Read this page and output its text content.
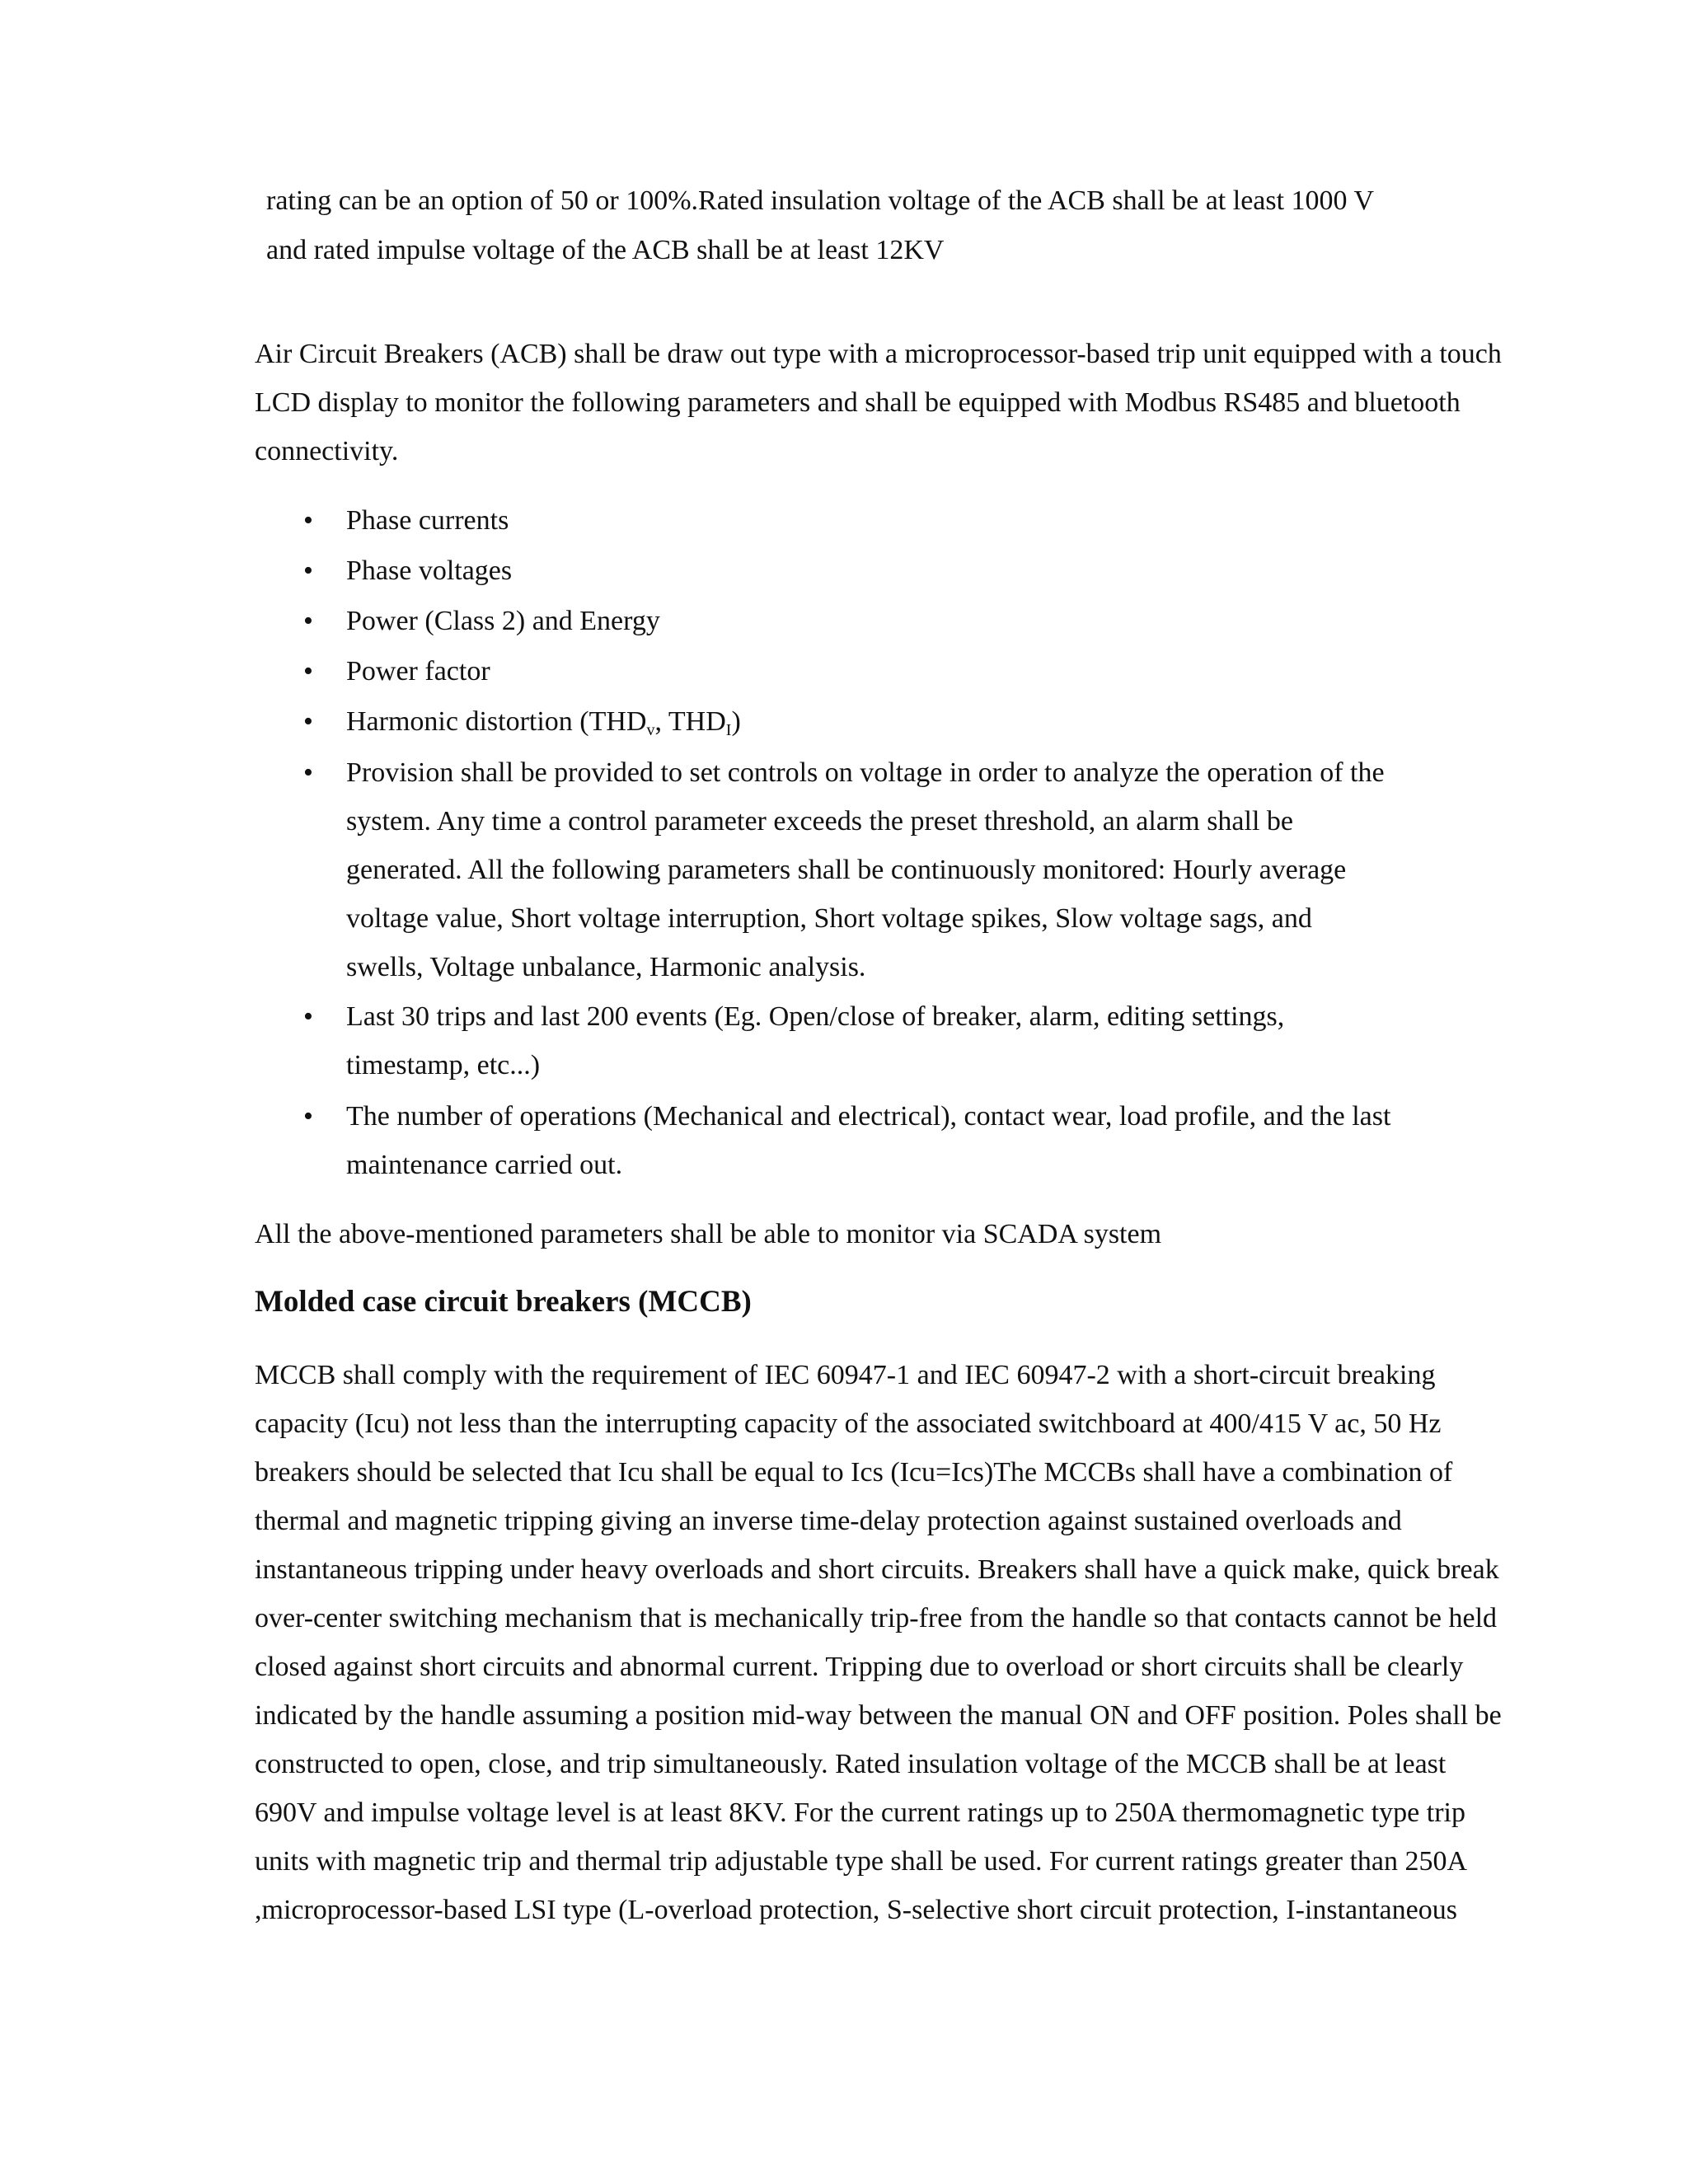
rating can be an option of 50 or 100%.Rated insulation voltage of the ACB shall be at least 1000 V
and rated impulse voltage of the ACB shall be at least 12KV
Air Circuit Breakers (ACB) shall be draw out type with a microprocessor-based trip unit equipped with a touch
LCD display to monitor the following parameters and shall be equipped with Modbus RS485 and bluetooth
connectivity.
• Phase currents
• Phase voltages
• Power (Class 2) and Energy
• Power factor
• Harmonic distortion ($THD_v$, $THD_I$)
• Provision shall be provided to set controls on voltage in order to analyze the operation of the
system. Any time a control parameter exceeds the preset threshold, an alarm shall be
generated. All the following parameters shall be continuously monitored: Hourly average
voltage value, Short voltage interruption, Short voltage spikes, Slow voltage sags, and
swells, Voltage unbalance, Harmonic analysis.
• Last 30 trips and last 200 events (Eg. Open/close of breaker, alarm, editing settings,
timestamp, etc...)
• The number of operations (Mechanical and electrical), contact wear, load profile, and the last
maintenance carried out.
All the above-mentioned parameters shall be able to monitor via SCADA system
Molded case circuit breakers (MCCB)
MCCB shall comply with the requirement of IEC 60947-1 and IEC 60947-2 with a short-circuit breaking
capacity (Icu) not less than the interrupting capacity of the associated switchboard at 400/415 V ac, 50 Hz
breakers should be selected that Icu shall be equal to Ics (Icu=Ics)The MCCBs shall have a combination of
thermal and magnetic tripping giving an inverse time-delay protection against sustained overloads and
instantaneous tripping under heavy overloads and short circuits. Breakers shall have a quick make, quick break
over-center switching mechanism that is mechanically trip-free from the handle so that contacts cannot be held
closed against short circuits and abnormal current. Tripping due to overload or short circuits shall be clearly
indicated by the handle assuming a position mid-way between the manual ON and OFF position. Poles shall be
constructed to open, close, and trip simultaneously. Rated insulation voltage of the MCCB shall be at least
690V and impulse voltage level is at least 8KV. For the current ratings up to 250A thermomagnetic type trip
units with magnetic trip and thermal trip adjustable type shall be used. For current ratings greater than 250A
,microprocessor-based LSI type (L-overload protection, S-selective short circuit protection, I-instantaneous
